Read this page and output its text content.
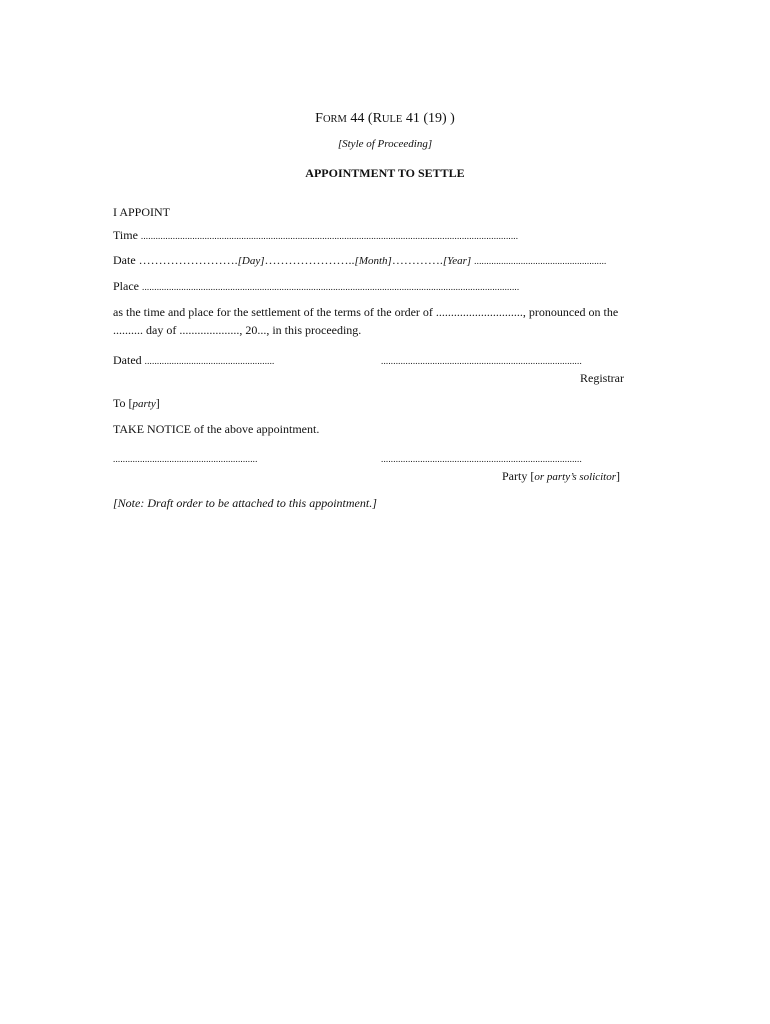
FORM 44 (RULE 41 (19) )
[Style of Proceeding]
APPOINTMENT TO SETTLE
I APPOINT
Time ..........................................................................................................................................................
Date …………………….[Day]…………………..[Month]………….[Year] ......................................................
Place ..........................................................................................................................................................
as the time and place for the settlement of the terms of the order of ............................., pronounced on the
.......... day of ...................., 20..., in this proceeding.
Dated .....................................................	..................................................................................
Registrar
To [party]
TAKE NOTICE of the above appointment.
...........................................................	..................................................................................
Party [or party’s solicitor]
[Note: Draft order to be attached to this appointment.]
